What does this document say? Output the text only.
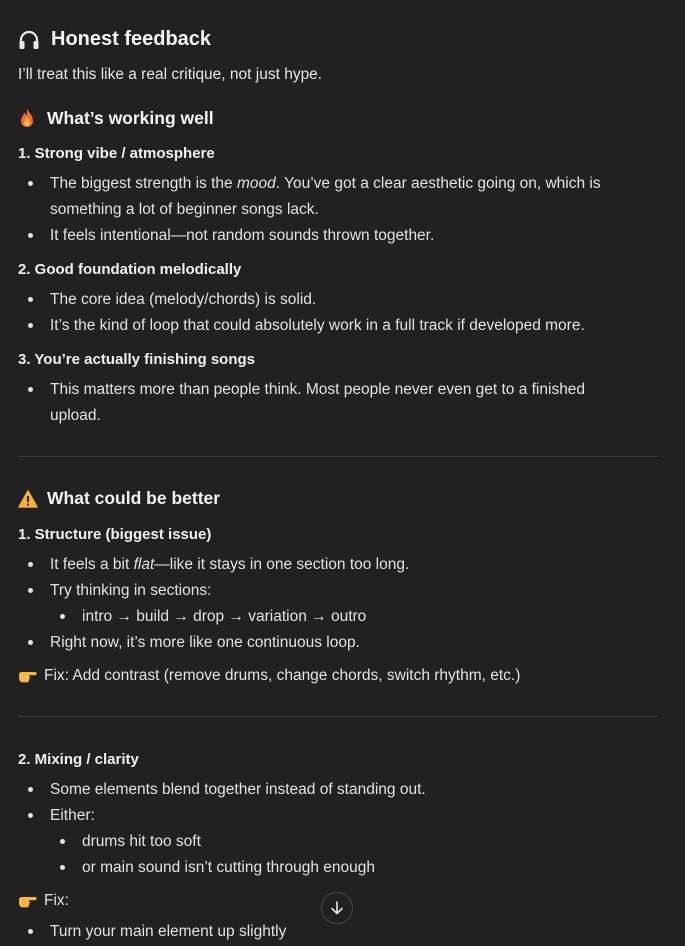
Honest feedback
I’ll treat this like a real critique, not just hype.
What’s working well
1. Strong vibe / atmosphere
The biggest strength is the mood. You’ve got a clear aesthetic going on, which is
something a lot of beginner songs lack.
It feels intentional—not random sounds thrown together.
2. Good foundation melodically
The core idea (melody/chords) is solid.
It’s the kind of loop that could absolutely work in a full track if developed more.
3. You’re actually finishing songs
This matters more than people think. Most people never even get to a finished
upload.
What could be better
1. Structure (biggest issue)
It feels a bit flat—like it stays in one section too long.
Try thinking in sections:
intro → build → drop → variation → outro
Right now, it’s more like one continuous loop.
Fix: Add contrast (remove drums, change chords, switch rhythm, etc.)
2. Mixing / clarity
Some elements blend together instead of standing out.
Either:
drums hit too soft
or main sound isn’t cutting through enough
Fix:
Turn your main element up slightly
